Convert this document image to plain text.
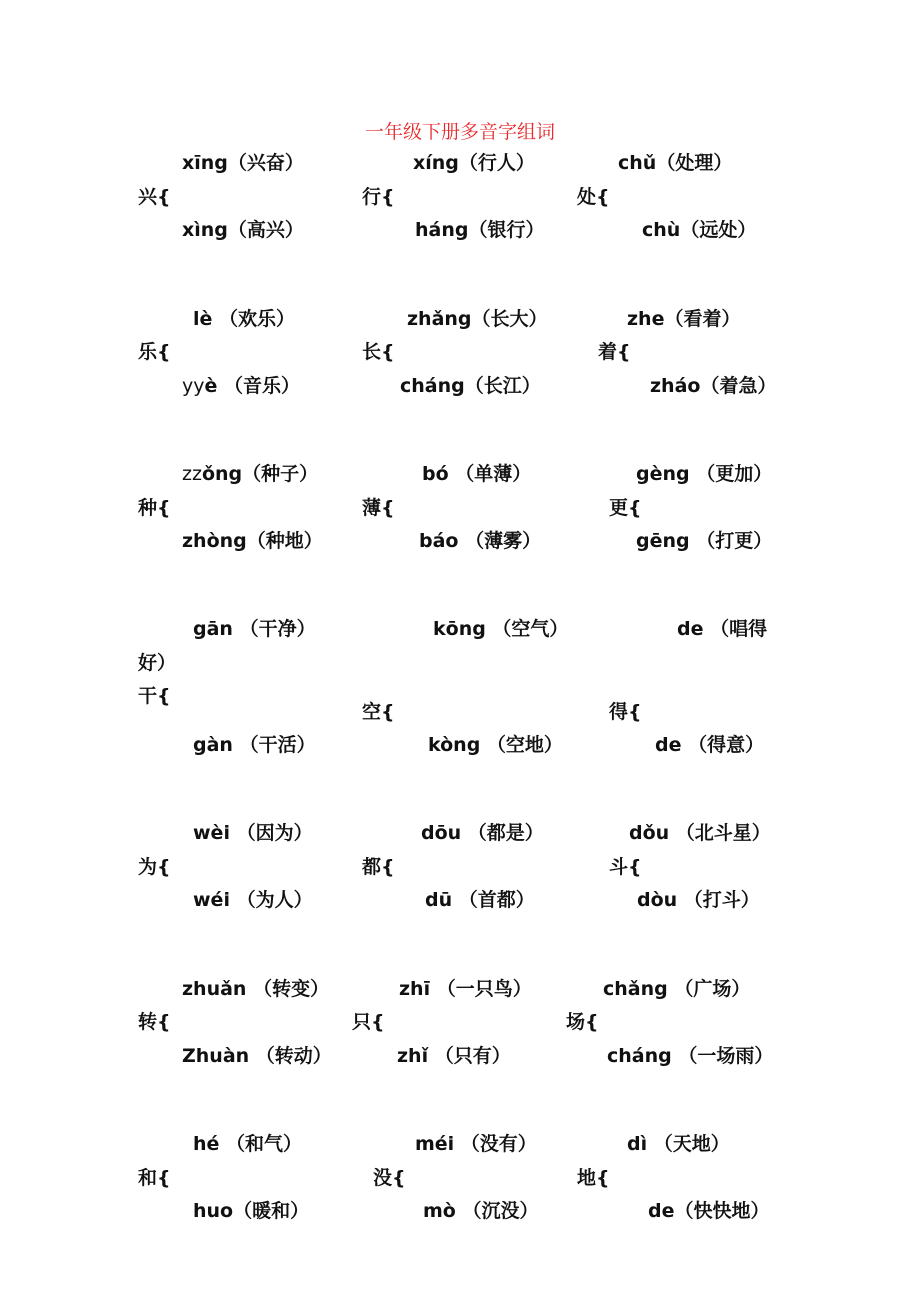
一年级下册多音字组词
xīng（兴奋）
兴{
xìng（高兴）
xíng（行人）
行{
háng（银行）
chǔ（处理）
处{
chù（远处）
lè （欢乐）
乐{
yyè （音乐）
zhǎng（长大）
长{
cháng（长江）
zhe（看着）
着{
zháo（着急）
zzǒng（种子）
种{
zhòng（种地）
bó （单薄）
薄{
báo （薄雾）
gèng （更加）
更{
gēng （打更）
gān （干净）
干{
gàn （干活）
kōng （空气）
空{
kòng （空地）
de （唱得
好）
得{
de （得意）
wèi （因为）
为{
wéi （为人）
dōu （都是）
都{
dū （首都）
dǒu （北斗星）
斗{
dòu （打斗）
zhuǎn （转变）
转{
Zhuàn （转动）
zhī （一只鸟）
只{
zhǐ （只有）
chǎng （广场）
场{
cháng （一场雨）
hé （和气）
和{
huo（暖和）
méi （没有）
没{
mò （沉没）
dì （天地）
地{
de（快快地）
